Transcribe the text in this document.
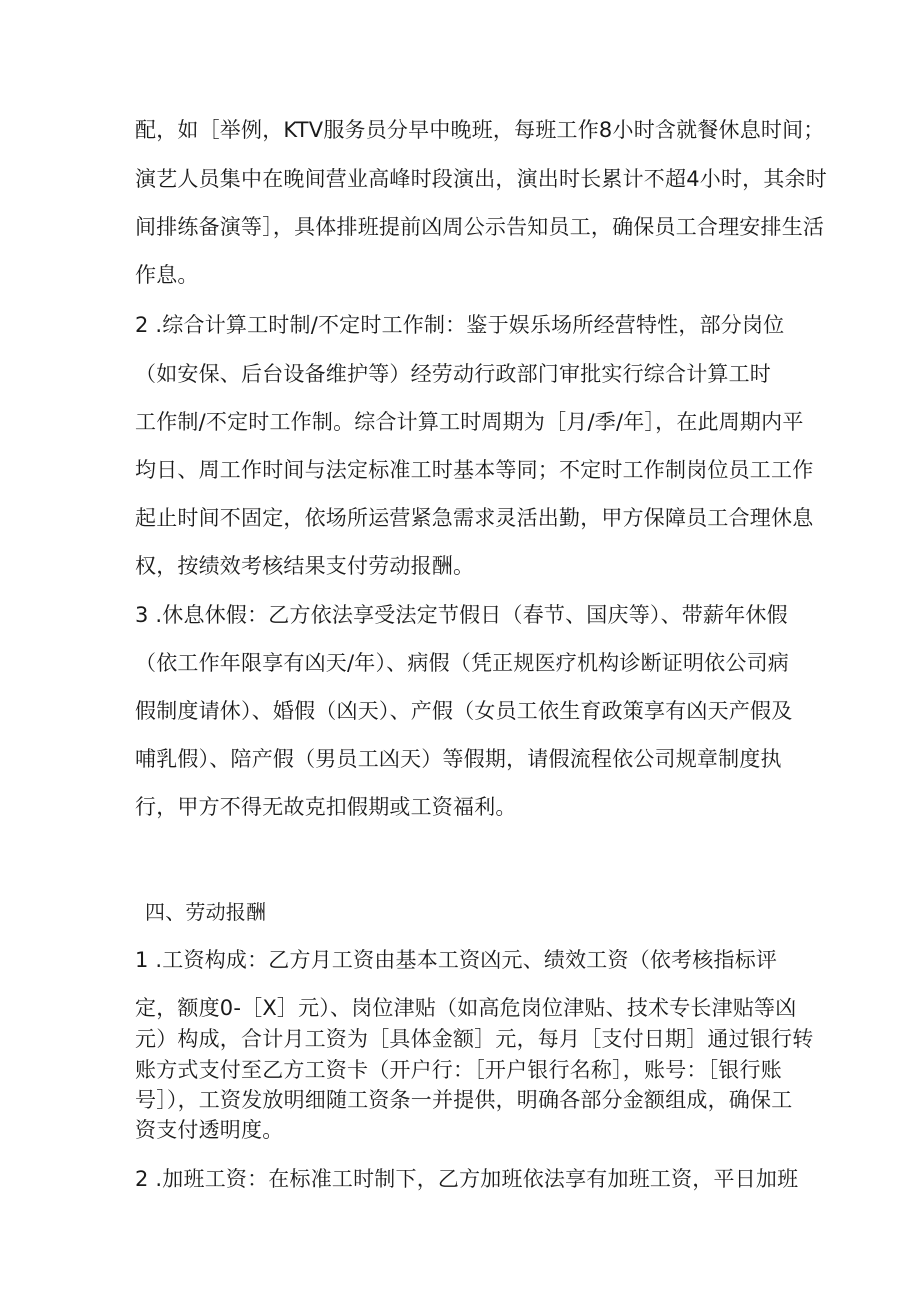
配，如［举例，KTV服务员分早中晚班，每班工作8小时含就餐休息时间；

演艺人员集中在晚间营业高峰时段演出，演出时长累计不超4小时，其余时

间排练备演等］，具体排班提前凶周公示告知员工，确保员工合理安排生活

作息。

2 .综合计算工时制/不定时工作制：鉴于娱乐场所经营特性，部分岗位

（如安保、后台设备维护等）经劳动行政部门审批实行综合计算工时

工作制/不定时工作制。综合计算工时周期为［月/季/年］，在此周期内平

均日、周工作时间与法定标准工时基本等同；不定时工作制岗位员工工作

起止时间不固定，依场所运营紧急需求灵活出勤，甲方保障员工合理休息

权，按绩效考核结果支付劳动报酬。

3 .休息休假：乙方依法享受法定节假日（春节、国庆等）、带薪年休假

（依工作年限享有凶天/年）、病假（凭正规医疗机构诊断证明依公司病

假制度请休）、婚假（凶天）、产假（女员工依生育政策享有凶天产假及

哺乳假）、陪产假（男员工凶天）等假期，请假流程依公司规章制度执

行，甲方不得无故克扣假期或工资福利。

四、劳动报酬

1 .工资构成：乙方月工资由基本工资凶元、绩效工资（依考核指标评

定，额度0-［X］元）、岗位津贴（如高危岗位津贴、技术专长津贴等凶

元）构成，合计月工资为［具体金额］元，每月［支付日期］通过银行转

账方式支付至乙方工资卡（开户行：［开户银行名称］，账号：［银行账

号］），工资发放明细随工资条一并提供，明确各部分金额组成，确保工

资支付透明度。

2 .加班工资：在标准工时制下，乙方加班依法享有加班工资，平日加班
